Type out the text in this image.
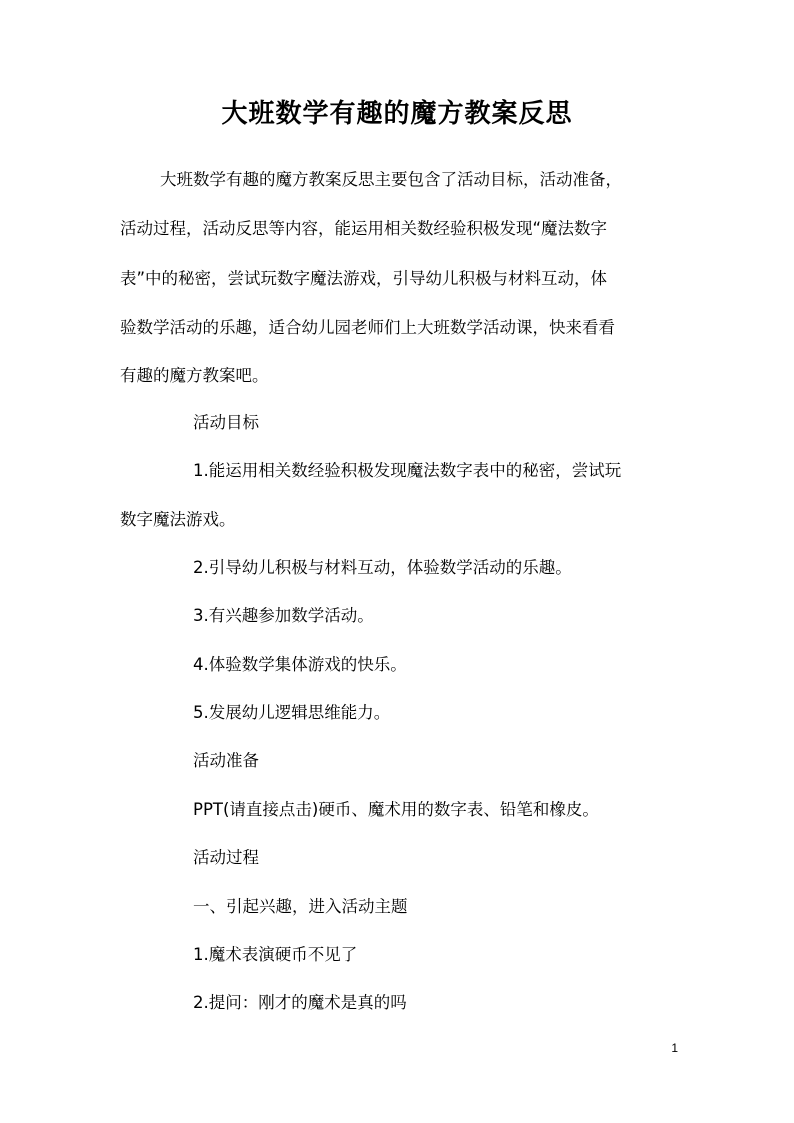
大班数学有趣的魔方教案反思
大班数学有趣的魔方教案反思主要包含了活动目标，活动准备，
活动过程，活动反思等内容，能运用相关数经验积极发现“魔法数字
表”中的秘密，尝试玩数字魔法游戏，引导幼儿积极与材料互动，体
验数学活动的乐趣，适合幼儿园老师们上大班数学活动课，快来看看
有趣的魔方教案吧。
活动目标
1.能运用相关数经验积极发现魔法数字表中的秘密，尝试玩
数字魔法游戏。
2.引导幼儿积极与材料互动，体验数学活动的乐趣。
3.有兴趣参加数学活动。
4.体验数学集体游戏的快乐。
5.发展幼儿逻辑思维能力。
活动准备
PPT(请直接点击)硬币、魔术用的数字表、铅笔和橡皮。
活动过程
一、引起兴趣，进入活动主题
1.魔术表演硬币不见了
2.提问：刚才的魔术是真的吗
1
